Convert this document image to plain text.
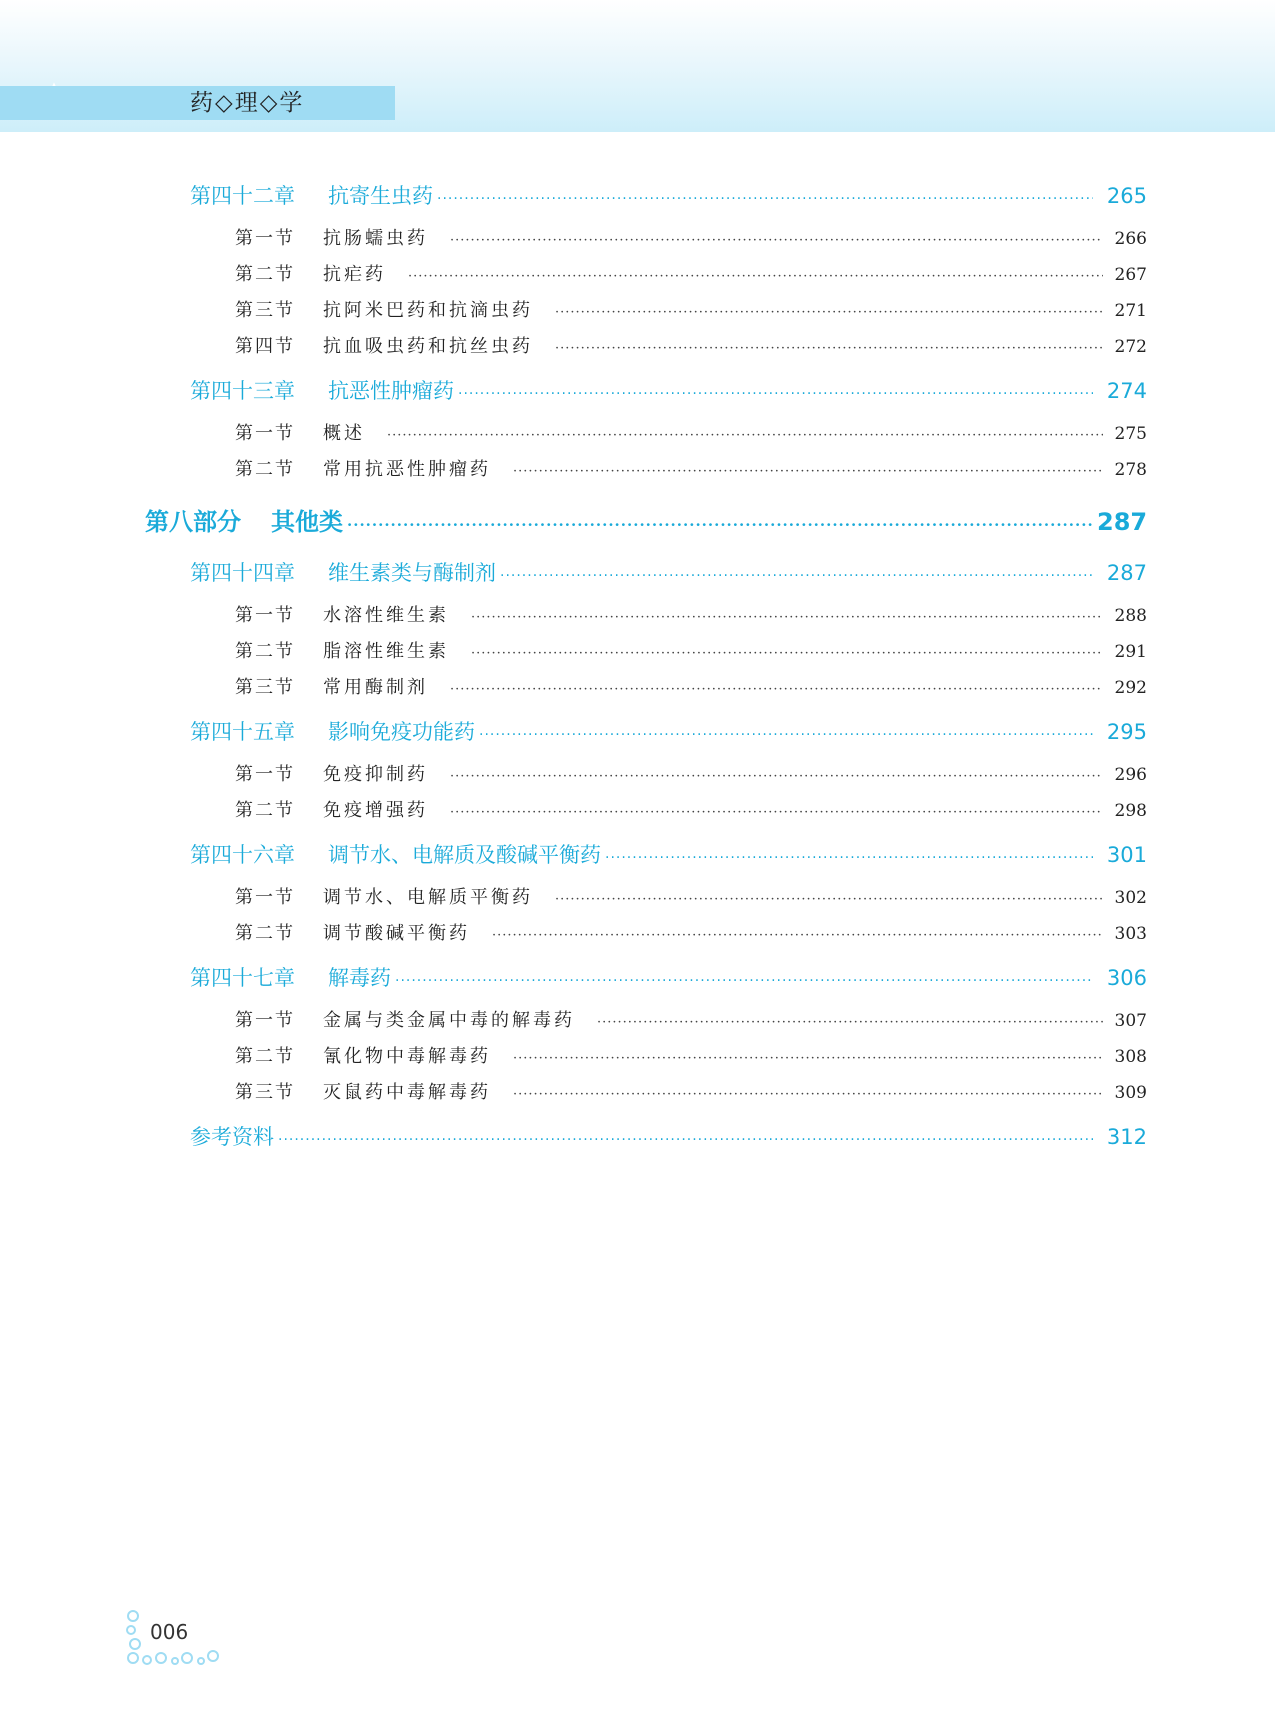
药◇理◇学
第四十二章	抗寄生虫药 ·····	265
第一节	抗肠蠕虫药 ·····	266
第二节	抗疟药 ·····	267
第三节	抗阿米巴药和抗滴虫药 ·····	271
第四节	抗血吸虫药和抗丝虫药 ·····	272
第四十三章	抗恶性肿瘤药 ·····	274
第一节	概述 ·····	275
第二节	常用抗恶性肿瘤药 ·····	278
第八部分	其他类 ·····	287
第四十四章	维生素类与酶制剂 ·····	287
第一节	水溶性维生素 ·····	288
第二节	脂溶性维生素 ·····	291
第三节	常用酶制剂 ·····	292
第四十五章	影响免疫功能药 ·····	295
第一节	免疫抑制药 ·····	296
第二节	免疫增强药 ·····	298
第四十六章	调节水、电解质及酸碱平衡药 ·····	301
第一节	调节水、电解质平衡药 ·····	302
第二节	调节酸碱平衡药 ·····	303
第四十七章	解毒药 ·····	306
第一节	金属与类金属中毒的解毒药 ·····	307
第二节	氰化物中毒解毒药 ·····	308
第三节	灭鼠药中毒解毒药 ·····	309
参考资料 ·····	312
006
